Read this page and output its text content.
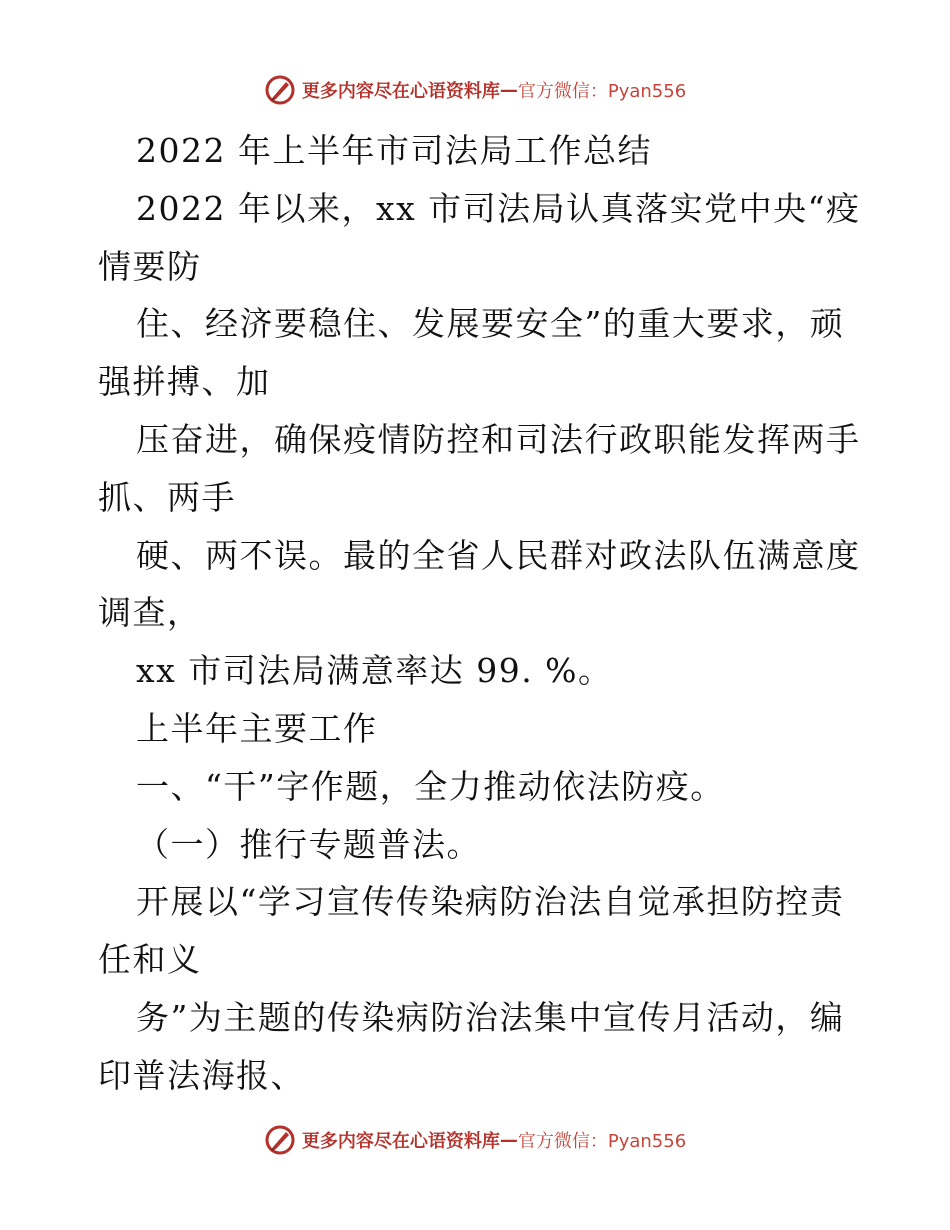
更多内容尽在心语资料库 — 官方微信：Pyan556
2022 年上半年市司法局工作总结
2022 年以来，xx 市司法局认真落实党中央“疫
情要防
住、经济要稳住、发展要安全”的重大要求，顽
强拼搏、加
压奋进，确保疫情防控和司法行政职能发挥两手
抓、两手
硬、两不误。最的全省人民群对政法队伍满意度
调查，
xx 市司法局满意率达 99. %。
上半年主要工作
一、“干”字作题，全力推动依法防疫。
（一）推行专题普法。
开展以“学习宣传传染病防治法自觉承担防控责
任和义
务”为主题的传染病防治法集中宣传月活动，编
印普法海报、
更多内容尽在心语资料库 — 官方微信：Pyan556
